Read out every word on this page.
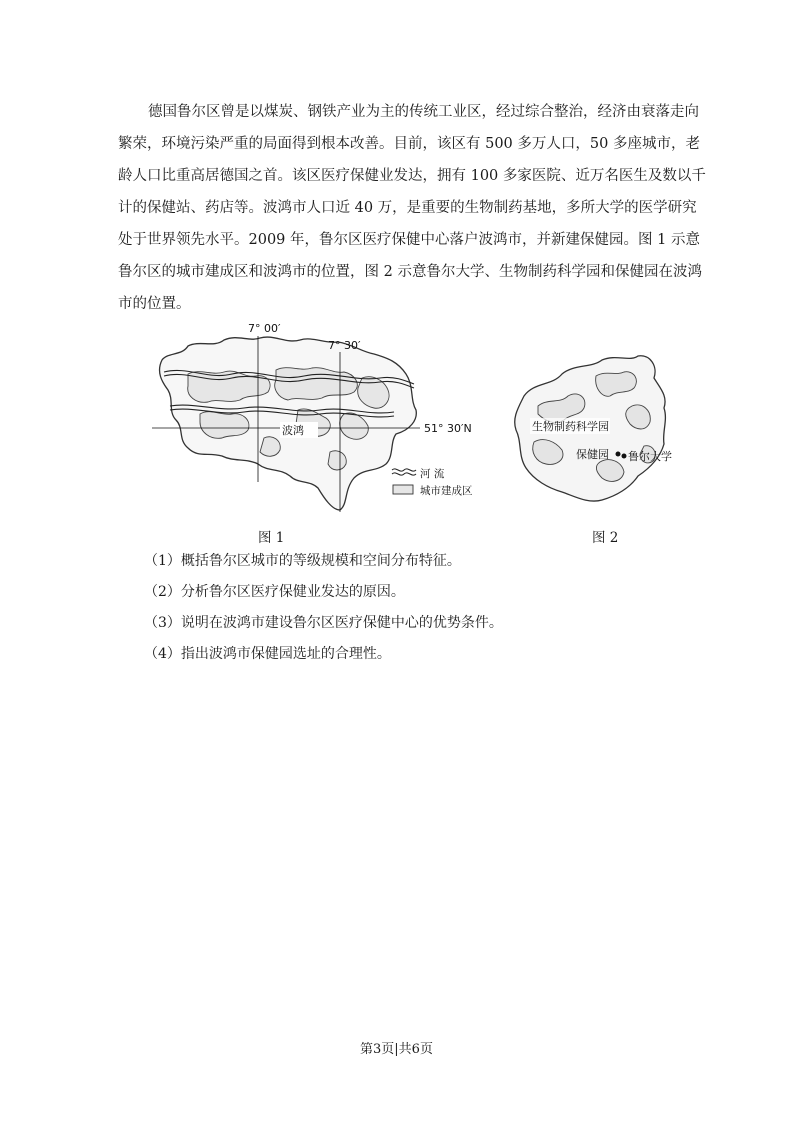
德国鲁尔区曾是以煤炭、钢铁产业为主的传统工业区，经过综合整治，经济由衰落走向
繁荣，环境污染严重的局面得到根本改善。目前，该区有 500 多万人口，50 多座城市，老
龄人口比重高居德国之首。该区医疗保健业发达，拥有 100 多家医院、近万名医生及数以千
计的保健站、药店等。波鸿市人口近 40 万，是重要的生物制药基地，多所大学的医学研究
处于世界领先水平。2009 年，鲁尔区医疗保健中心落户波鸿市，并新建保健园。图 1 示意
鲁尔区的城市建成区和波鸿市的位置，图 2 示意鲁尔大学、生物制药科学园和保健园在波鸿
市的位置。

7° 00′
7° 30′
51° 30′N
波鸿
河 流
城市建成区
图 1
生物制药科学园
保健园 鲁尔大学
图 2

（1）概括鲁尔区城市的等级规模和空间分布特征。

（2）分析鲁尔区医疗保健业发达的原因。

（3）说明在波鸿市建设鲁尔区医疗保健中心的优势条件。

（4）指出波鸿市保健园选址的合理性。

第3页|共6页
